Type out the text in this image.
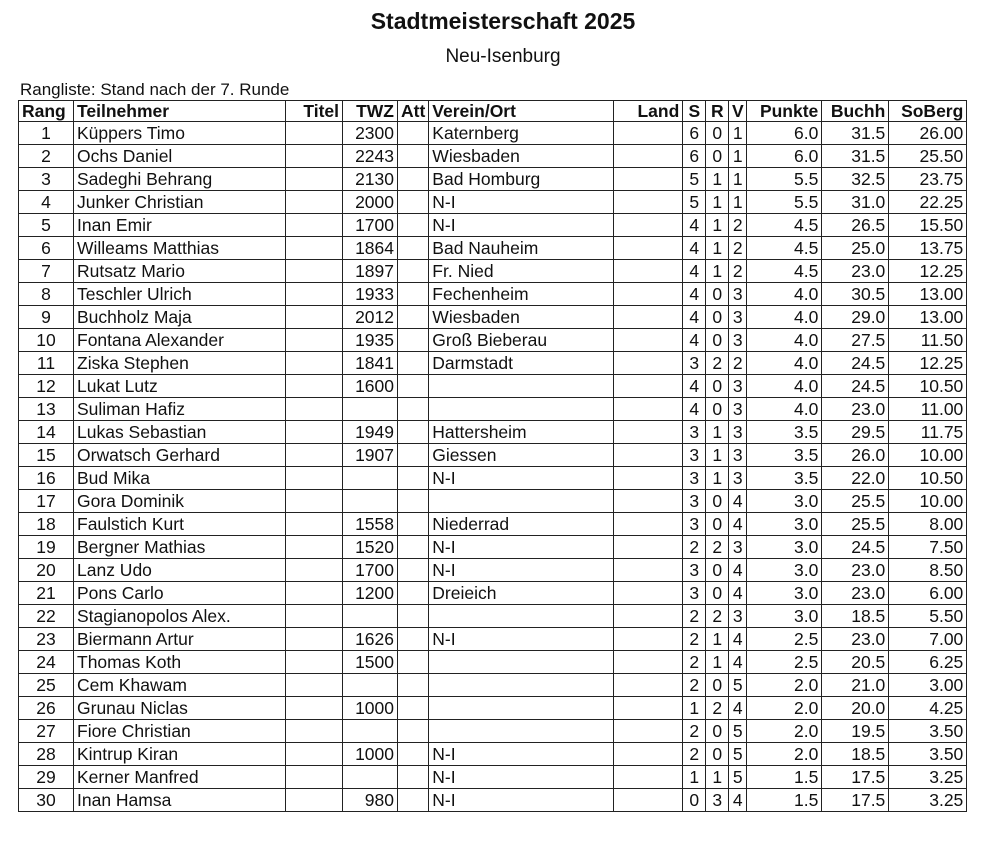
Stadtmeisterschaft 2025
Neu-Isenburg
Rangliste: Stand nach der 7. Runde
Rang	Teilnehmer	Titel	TWZ	Att	Verein/Ort	Land	S	R	V	Punkte	Buchh	SoBerg
1	Küppers Timo		2300		Katernberg		6	0	1	6.0	31.5	26.00
2	Ochs Daniel		2243		Wiesbaden		6	0	1	6.0	31.5	25.50
3	Sadeghi Behrang		2130		Bad Homburg		5	1	1	5.5	32.5	23.75
4	Junker Christian		2000		N-I		5	1	1	5.5	31.0	22.25
5	Inan Emir		1700		N-I		4	1	2	4.5	26.5	15.50
6	Willeams Matthias		1864		Bad Nauheim		4	1	2	4.5	25.0	13.75
7	Rutsatz Mario		1897		Fr. Nied		4	1	2	4.5	23.0	12.25
8	Teschler Ulrich		1933		Fechenheim		4	0	3	4.0	30.5	13.00
9	Buchholz Maja		2012		Wiesbaden		4	0	3	4.0	29.0	13.00
10	Fontana Alexander		1935		Groß Bieberau		4	0	3	4.0	27.5	11.50
11	Ziska Stephen		1841		Darmstadt		3	2	2	4.0	24.5	12.25
12	Lukat Lutz		1600				4	0	3	4.0	24.5	10.50
13	Suliman Hafiz						4	0	3	4.0	23.0	11.00
14	Lukas Sebastian		1949		Hattersheim		3	1	3	3.5	29.5	11.75
15	Orwatsch Gerhard		1907		Giessen		3	1	3	3.5	26.0	10.00
16	Bud Mika				N-I		3	1	3	3.5	22.0	10.50
17	Gora Dominik						3	0	4	3.0	25.5	10.00
18	Faulstich Kurt		1558		Niederrad		3	0	4	3.0	25.5	8.00
19	Bergner Mathias		1520		N-I		2	2	3	3.0	24.5	7.50
20	Lanz Udo		1700		N-I		3	0	4	3.0	23.0	8.50
21	Pons Carlo		1200		Dreieich		3	0	4	3.0	23.0	6.00
22	Stagianopolos Alex.						2	2	3	3.0	18.5	5.50
23	Biermann Artur		1626		N-I		2	1	4	2.5	23.0	7.00
24	Thomas Koth		1500				2	1	4	2.5	20.5	6.25
25	Cem Khawam						2	0	5	2.0	21.0	3.00
26	Grunau Niclas		1000				1	2	4	2.0	20.0	4.25
27	Fiore Christian						2	0	5	2.0	19.5	3.50
28	Kintrup Kiran		1000		N-I		2	0	5	2.0	18.5	3.50
29	Kerner Manfred				N-I		1	1	5	1.5	17.5	3.25
30	Inan Hamsa		980		N-I		0	3	4	1.5	17.5	3.25
